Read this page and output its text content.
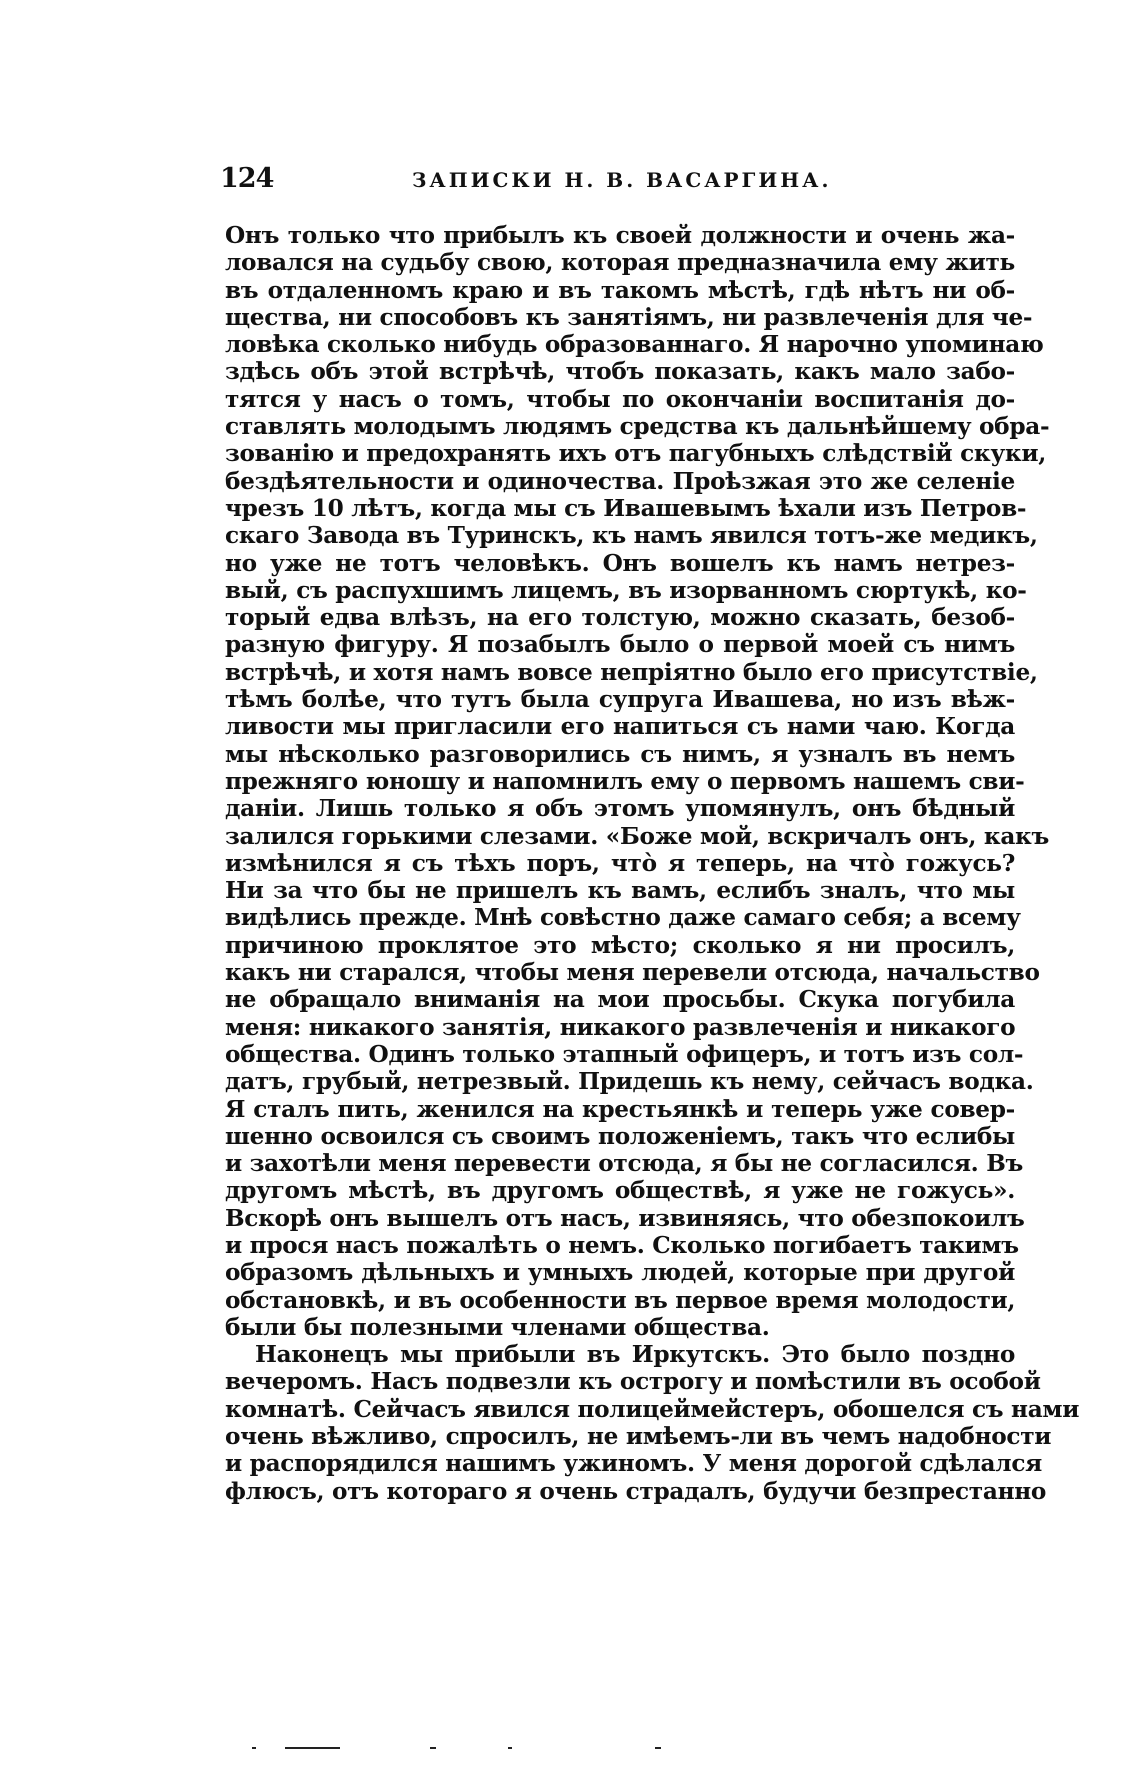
124	ЗАПИСКИ Н. В. ВАСАРГИНА.
Онъ только что прибылъ къ своей должности и очень жа-
ловался на судьбу свою, которая предназначила ему жить
въ отдаленномъ краю и въ такомъ мѣстѣ, гдѣ нѣтъ ни об-
щества, ни способовъ къ занятіямъ, ни развлеченія для че-
ловѣка сколько нибудь образованнаго. Я нарочно упоминаю
здѣсь объ этой встрѣчѣ, чтобъ показать, какъ мало забо-
тятся у насъ о томъ, чтобы по окончаніи воспитанія до-
ставлять молодымъ людямъ средства къ дальнѣйшему обра-
зованію и предохранять ихъ отъ пагубныхъ слѣдствій скуки,
бездѣятельности и одиночества. Проѣзжая это же селеніе
чрезъ 10 лѣтъ, когда мы съ Ивашевымъ ѣхали изъ Петров-
скаго Завода въ Туринскъ, къ намъ явился тотъ-же медикъ,
но уже не тотъ человѣкъ. Онъ вошелъ къ намъ нетрез-
вый, съ распухшимъ лицемъ, въ изорванномъ сюртукѣ, ко-
торый едва влѣзъ, на его толстую, можно сказать, безоб-
разную фигуру. Я позабылъ было о первой моей съ нимъ
встрѣчѣ, и хотя намъ вовсе непріятно было его присутствіе,
тѣмъ болѣе, что тутъ была супруга Ивашева, но изъ вѣж-
ливости мы пригласили его напиться съ нами чаю. Когда
мы нѣсколько разговорились съ нимъ, я узналъ въ немъ
прежняго юношу и напомнилъ ему о первомъ нашемъ сви-
даніи. Лишь только я объ этомъ упомянулъ, онъ бѣдный
залился горькими слезами. «Боже мой, вскричалъ онъ, какъ
измѣнился я съ тѣхъ поръ, что̀ я теперь, на что̀ гожусь?
Ни за что бы не пришелъ къ вамъ, еслибъ зналъ, что мы
видѣлись прежде. Мнѣ совѣстно даже самаго себя; а всему
причиною проклятое это мѣсто; сколько я ни просилъ,
какъ ни старался, чтобы меня перевели отсюда, начальство
не обращало вниманія на мои просьбы. Скука погубила
меня: никакого занятія, никакого развлеченія и никакого
общества. Одинъ только этапный офицеръ, и тотъ изъ сол-
датъ, грубый, нетрезвый. Придешь къ нему, сейчасъ водка.
Я сталъ пить, женился на крестьянкѣ и теперь уже совер-
шенно освоился съ своимъ положеніемъ, такъ что еслибы
и захотѣли меня перевести отсюда, я бы не согласился. Въ
другомъ мѣстѣ, въ другомъ обществѣ, я уже не гожусь».
Вскорѣ онъ вышелъ отъ насъ, извиняясь, что обезпокоилъ
и прося насъ пожалѣть о немъ. Сколько погибаетъ такимъ
образомъ дѣльныхъ и умныхъ людей, которые при другой
обстановкѣ, и въ особенности въ первое время молодости,
были бы полезными членами общества.
Наконецъ мы прибыли въ Иркутскъ. Это было поздно
вечеромъ. Насъ подвезли къ острогу и помѣстили въ особой
комнатѣ. Сейчасъ явился полицеймейстеръ, обошелся съ нами
очень вѣжливо, спросилъ, не имѣемъ-ли въ чемъ надобности
и распорядился нашимъ ужиномъ. У меня дорогой сдѣлался
флюсъ, отъ котораго я очень страдалъ, будучи безпрестанно
